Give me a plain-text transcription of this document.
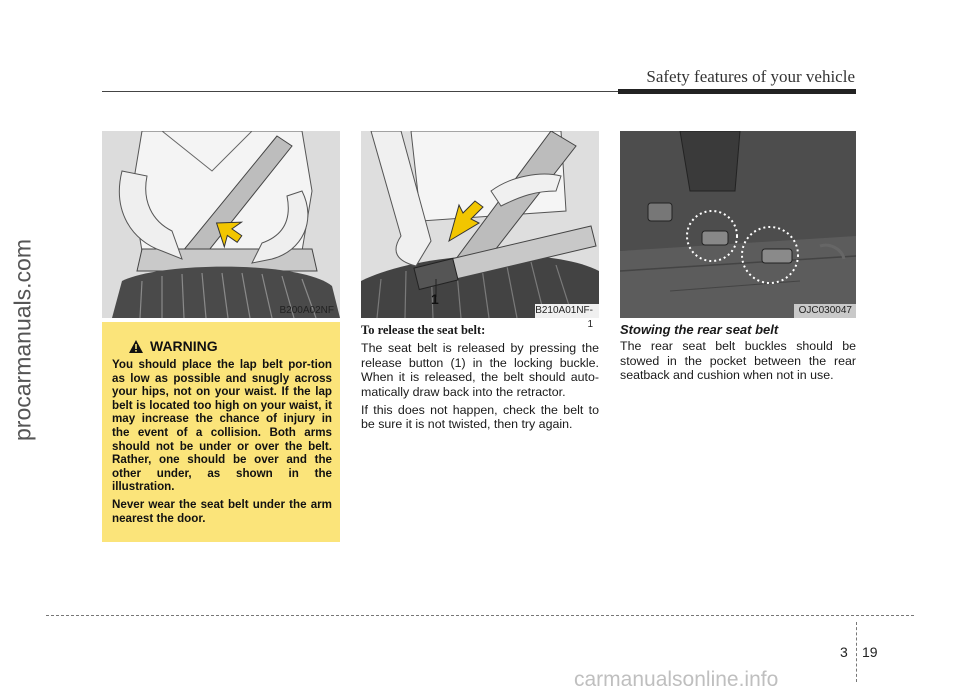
procarmanuals.com
Safety features of your vehicle
B200A02NF
1
B210A01NF-1
OJC030047
WARNING

You should place the lap belt por-tion as low as possible and snugly across your hips, not on your waist. If the lap belt is located too high on your waist, it may increase the chance of injury in the event of a collision. Both arms should not be under or over the belt. Rather, one should be over and the other under, as shown in the illustration.

Never wear the seat belt under the arm nearest the door.

To release the seat belt:

The seat belt is released by pressing the release button (1) in the locking buckle. When it is released, the belt should auto-matically draw back into the retractor.

If this does not happen, check the belt to be sure it is not twisted, then try again.

Stowing the rear seat belt

The rear seat belt buckles should be stowed in the pocket between the rear seatback and cushion when not in use.

3 19
carmanualsonline.info
